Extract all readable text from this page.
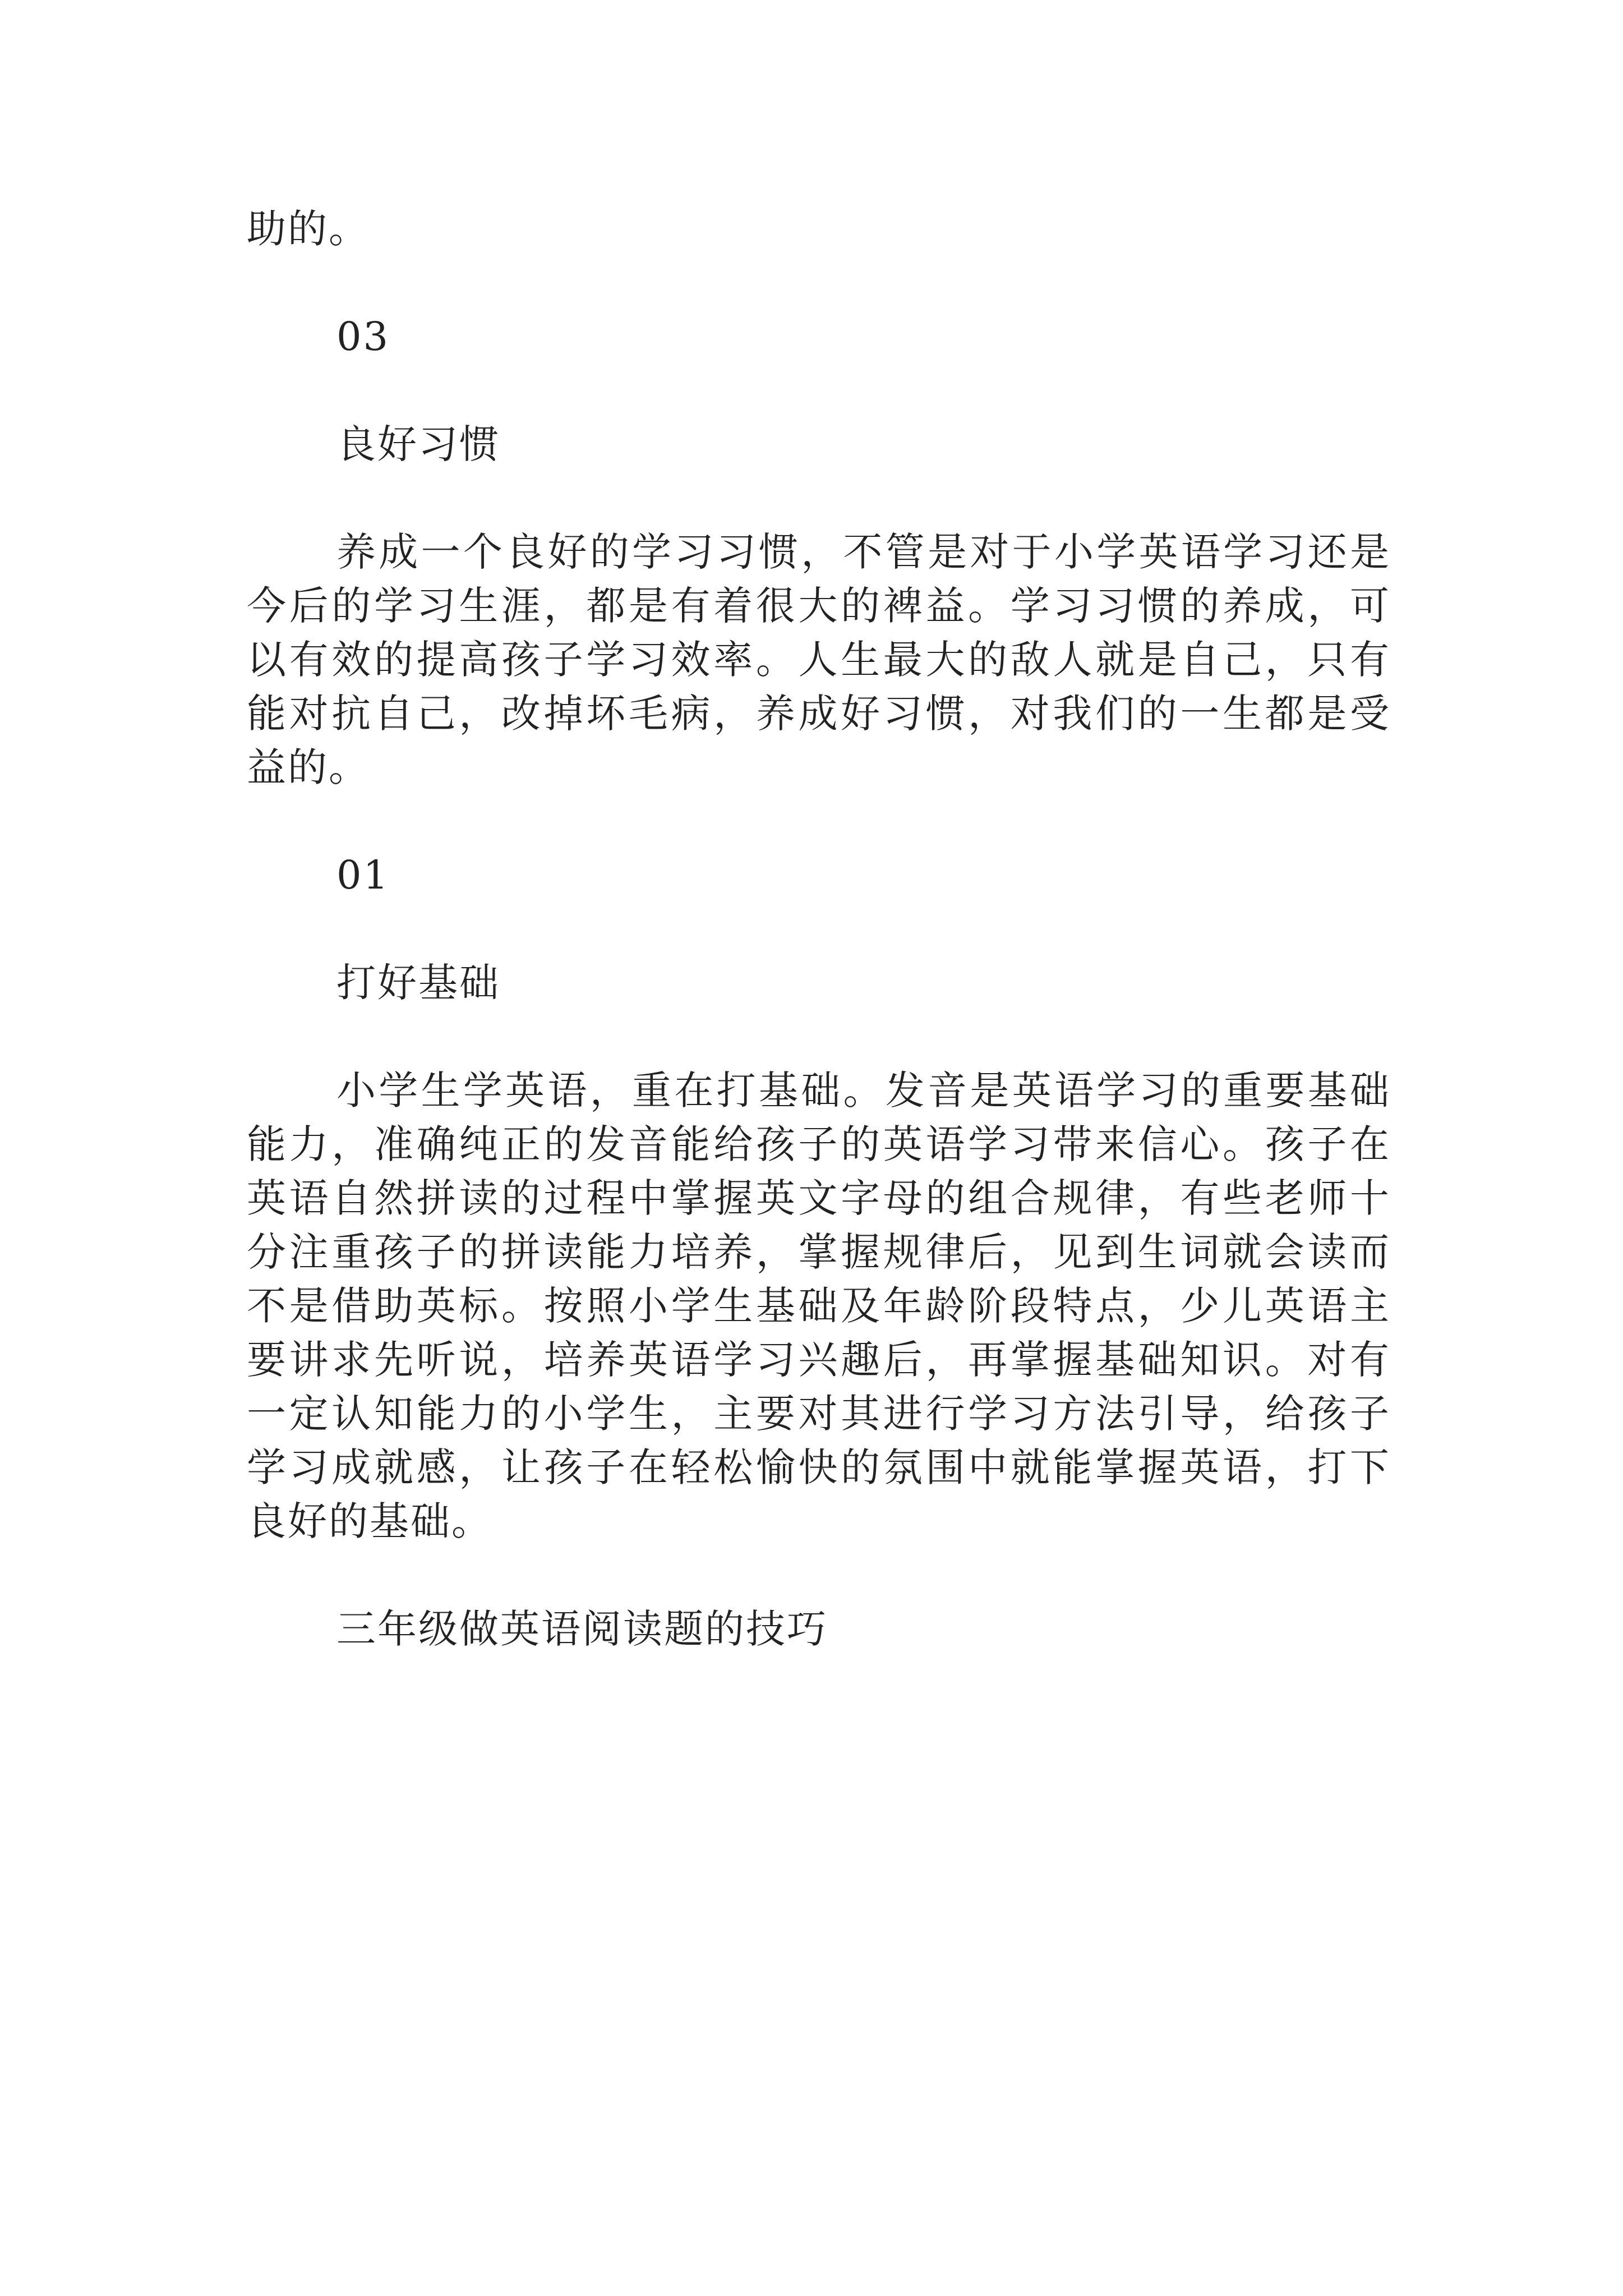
助的。

03

良好习惯

养成一个良好的学习习惯，不管是对于小学英语学习还是今后的学习生涯，都是有着很大的裨益。学习习惯的养成，可以有效的提高孩子学习效率。人生最大的敌人就是自己，只有能对抗自己，改掉坏毛病，养成好习惯，对我们的一生都是受益的。

01

打好基础

小学生学英语，重在打基础。发音是英语学习的重要基础能力，准确纯正的发音能给孩子的英语学习带来信心。孩子在英语自然拼读的过程中掌握英文字母的组合规律，有些老师十分注重孩子的拼读能力培养，掌握规律后，见到生词就会读而不是借助英标。按照小学生基础及年龄阶段特点，少儿英语主要讲求先听说，培养英语学习兴趣后，再掌握基础知识。对有一定认知能力的小学生，主要对其进行学习方法引导，给孩子学习成就感，让孩子在轻松愉快的氛围中就能掌握英语，打下良好的基础。

三年级做英语阅读题的技巧
